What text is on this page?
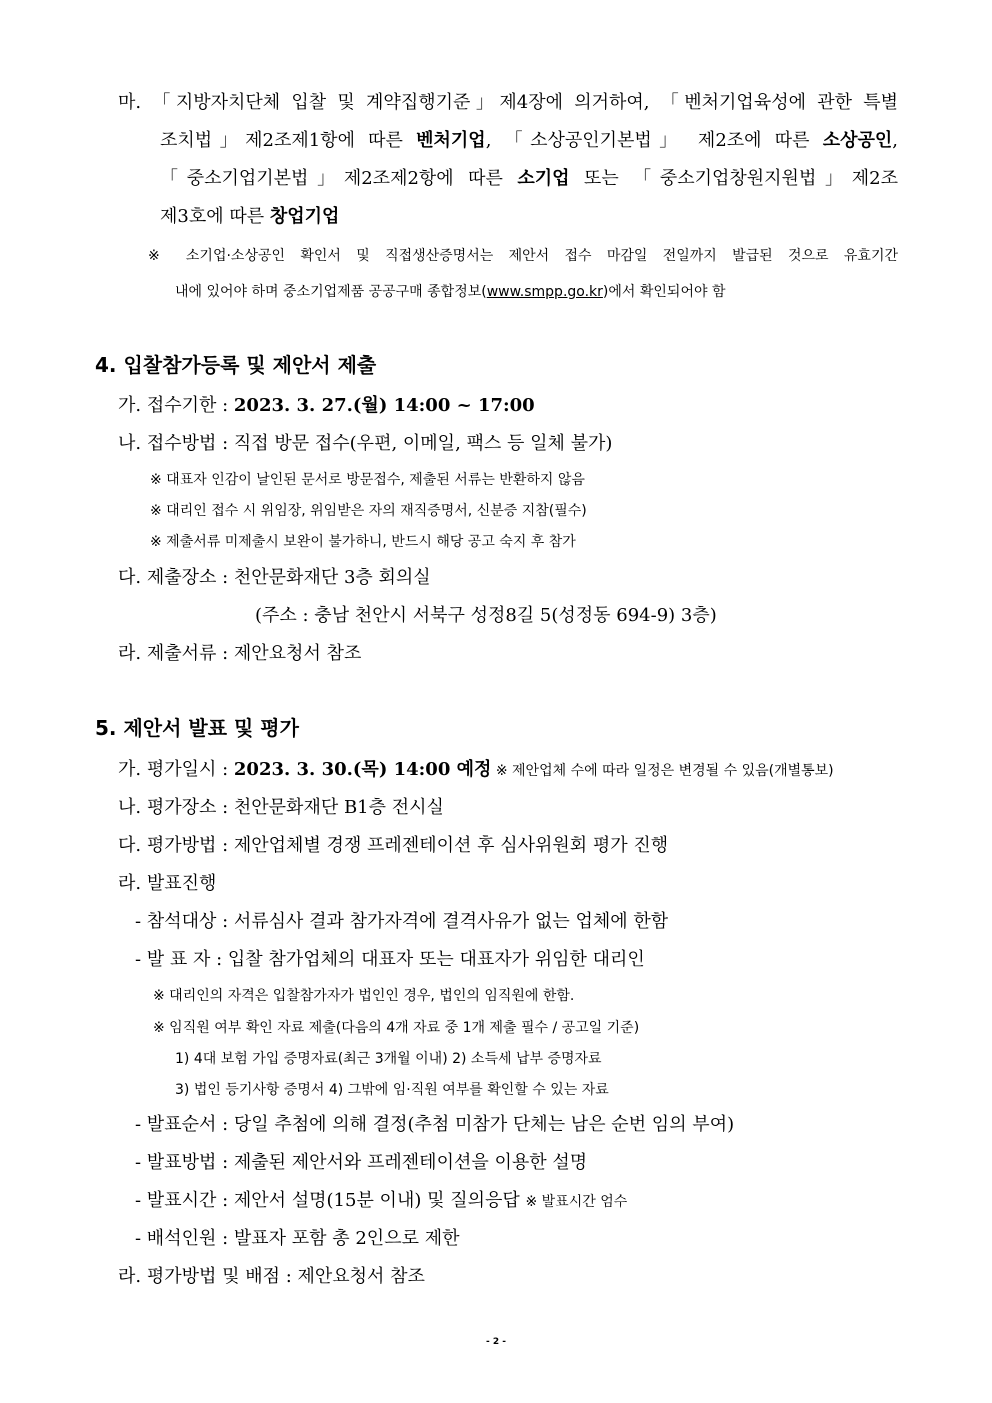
마. 「지방자치단체 입찰 및 계약집행기준」제4장에 의거하여, 「벤처기업육성에 관한 특별
조치법」제2조제1항에 따른 벤처기업, 「소상공인기본법」 제2조에 따른 소상공인,
「중소기업기본법」제2조제2항에 따른 소기업 또는 「중소기업창원지원법」제2조
제3호에 따른 창업기업
※ 소기업·소상공인 확인서 및 직접생산증명서는 제안서 접수 마감일 전일까지 발급된 것으로 유효기간
내에 있어야 하며 중소기업제품 공공구매 종합정보(www.smpp.go.kr)에서 확인되어야 함
4. 입찰참가등록 및 제안서 제출
가. 접수기한 : 2023. 3. 27.(월) 14:00 ~ 17:00
나. 접수방법 : 직접 방문 접수(우편, 이메일, 팩스 등 일체 불가)
※ 대표자 인감이 날인된 문서로 방문접수, 제출된 서류는 반환하지 않음
※ 대리인 접수 시 위임장, 위임받은 자의 재직증명서, 신분증 지참(필수)
※ 제출서류 미제출시 보완이 불가하니, 반드시 해당 공고 숙지 후 참가
다. 제출장소 : 천안문화재단 3층 회의실
(주소 : 충남 천안시 서북구 성정8길 5(성정동 694-9) 3층)
라. 제출서류 : 제안요청서 참조
5. 제안서 발표 및 평가
가. 평가일시 : 2023. 3. 30.(목) 14:00 예정 ※ 제안업체 수에 따라 일정은 변경될 수 있음(개별통보)
나. 평가장소 : 천안문화재단 B1층 전시실
다. 평가방법 : 제안업체별 경쟁 프레젠테이션 후 심사위원회 평가 진행
라. 발표진행
- 참석대상 : 서류심사 결과 참가자격에 결격사유가 없는 업체에 한함
- 발 표 자 : 입찰 참가업체의 대표자 또는 대표자가 위임한 대리인
※ 대리인의 자격은 입찰참가자가 법인인 경우, 법인의 임직원에 한함.
※ 임직원 여부 확인 자료 제출(다음의 4개 자료 중 1개 제출 필수 / 공고일 기준)
1) 4대 보험 가입 증명자료(최근 3개월 이내) 2) 소득세 납부 증명자료
3) 법인 등기사항 증명서 4) 그밖에 임·직원 여부를 확인할 수 있는 자료
- 발표순서 : 당일 추첨에 의해 결정(추첨 미참가 단체는 남은 순번 임의 부여)
- 발표방법 : 제출된 제안서와 프레젠테이션을 이용한 설명
- 발표시간 : 제안서 설명(15분 이내) 및 질의응답 ※ 발표시간 엄수
- 배석인원 : 발표자 포함 총 2인으로 제한
라. 평가방법 및 배점 : 제안요청서 참조
- 2 -
